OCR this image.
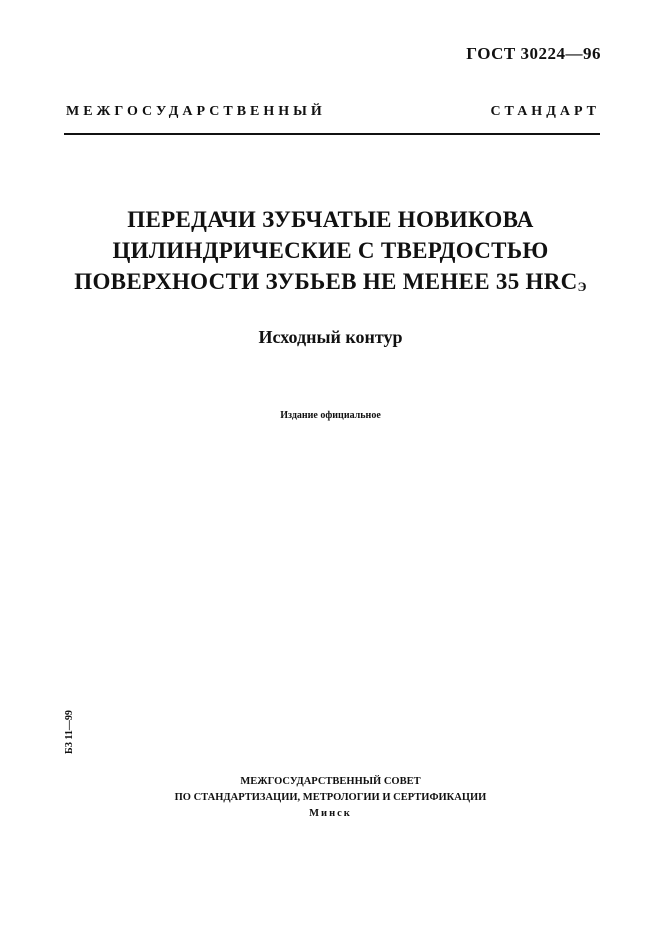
ГОСТ 30224—96
МЕЖГОСУДАРСТВЕННЫЙ СТАНДАРТ
ПЕРЕДАЧИ ЗУБЧАТЫЕ НОВИКОВА
ЦИЛИНДРИЧЕСКИЕ С ТВЕРДОСТЬЮ
ПОВЕРХНОСТИ ЗУБЬЕВ НЕ МЕНЕЕ 35 $HRC_Э$
Исходный контур
Издание официальное
БЗ 11—99
МЕЖГОСУДАРСТВЕННЫЙ СОВЕТ
ПО СТАНДАРТИЗАЦИИ, МЕТРОЛОГИИ И СЕРТИФИКАЦИИ
Минск
